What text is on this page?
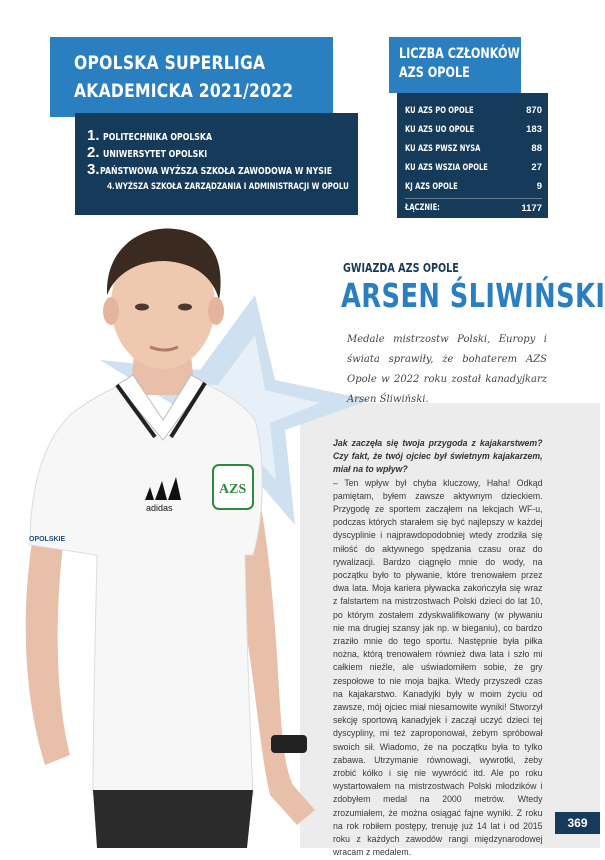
adidas
AZS
OPOLSKIE
OPOLSKA SUPERLIGA
AKADEMICKA 2021/2022
1. POLITECHNIKA OPOLSKA
2. UNIWERSYTET OPOLSKI
3. PAŃSTWOWA WYŻSZA SZKOŁA ZAWODOWA W NYSIE
4. WYŻSZA SZKOŁA ZARZĄDZANIA I ADMINISTRACJI W OPOLU
LICZBA CZŁONKÓW
AZS OPOLE
KU AZS PO OPOLE	870
KU AZS UO OPOLE	183
KU AZS PWSZ NYSA	88
KU AZS WSZIA OPOLE	27
KJ AZS OPOLE	9
ŁĄCZNIE:	1177
GWIAZDA AZS OPOLE
ARSEN ŚLIWIŃSKI
Medale mistrzostw Polski, Europy i świata sprawiły, że bohaterem AZS Opole w 2022 roku został kanadyjkarz Arsen Śliwiński.

Jak zaczęła się twoja przygoda z kajakarstwem? Czy fakt, że twój ojciec był świetnym kajakarzem, miał na to wpływ?

– Ten wpływ był chyba kluczowy, Haha! Odkąd pamiętam, byłem zawsze aktywnym dzieckiem. Przygodę ze sportem zacząłem na lekcjach WF-u, podczas których starałem się być najlepszy w każdej dyscyplinie i najprawdopodobniej wtedy zrodziła się miłość do aktywnego spędzania czasu oraz do rywalizacji. Bardzo ciągnęło mnie do wody, na początku było to pływanie, które trenowałem przez dwa lata. Moja kariera pływacka zakończyła się wraz z falstartem na mistrzostwach Polski dzieci do lat 10, po którym zostałem zdyskwalifikowany (w pływaniu nie ma drugiej szansy jak np. w bieganiu), co bardzo zraziło mnie do tego sportu. Następnie była piłka nożna, którą trenowałem również dwa lata i szło mi całkiem nieźle, ale uświadomiłem sobie, że gry zespołowe to nie moja bajka. Wtedy przyszedł czas na kajakarstwo. Kanadyjki były w moim życiu od zawsze, mój ojciec miał niesamowite wyniki! Stworzył sekcję sportową kanadyjek i zaczął uczyć dzieci tej dyscypliny, mi też zaproponował, żebym spróbował swoich sił. Wiadomo, że na początku była to tylko zabawa. Utrzymanie równowagi, wywrotki, żeby zrobić kółko i się nie wywrócić itd. Ale po roku wystartowałem na mistrzostwach Polski młodzików i zdobyłem medal na 2000 metrów. Wtedy zrozumiałem, że można osiągać fajne wyniki. Z roku na rok robiłem postępy, trenuję już 14 lat i od 2015 roku z każdych zawodów rangi międzynarodowej wracam z medalem.

369
